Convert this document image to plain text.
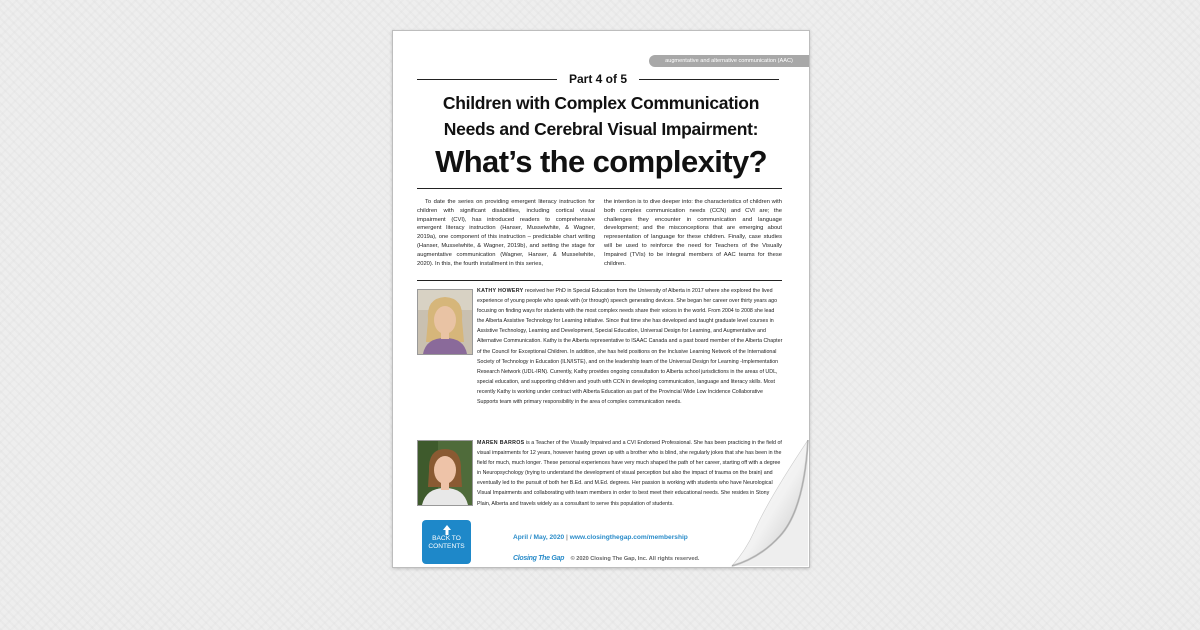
augmentative and alternative communication (AAC)
Part 4 of 5
Children with Complex Communication
Needs and Cerebral Visual Impairment:
What’s the complexity?
To date the series on providing emergent literacy instruction for children with significant disabilities, including cortical visual impairment (CVI), has introduced readers to comprehensive emergent literacy instruction (Hanser, Musselwhite, & Wagner, 2019a), one component of this instruction – predictable chart writing (Hanser, Musselwhite, & Wagner, 2019b), and setting the stage for augmentative communication (Wagner, Hanser, & Musselwhite, 2020). In this, the fourth installment in this series,
the intention is to dive deeper into: the characteristics of children with both complex communication needs (CCN) and CVI are; the challenges they encounter in communication and language development; and the misconceptions that are emerging about representation of language for these children. Finally, case studies will be used to reinforce the need for Teachers of the Visually Impaired (TVIs) to be integral members of AAC teams for these children.
KATHY HOWERY received her PhD in Special Education from the University of Alberta in 2017 where she explored the lived experience of young people who speak with (or through) speech generating devices. She began her career over thirty years ago focusing on finding ways for students with the most complex needs share their voices in the world. From 2004 to 2008 she lead the Alberta Assistive Technology for Learning initiative. Since that time she has developed and taught graduate level courses in Assistive Technology, Learning and Development, Special Education, Universal Design for Learning, and Augmentative and Alternative Communication. Kathy is the Alberta representative to ISAAC Canada and a past board member of the Alberta Chapter of the Council for Exceptional Children. In addition, she has held positions on the Inclusive Learning Network of the International Society of Technology in Education (ILN/ISTE), and on the leadership team of the Universal Design for Learning -Implementation Research Network (UDL-IRN). Currently, Kathy provides ongoing consultation to Alberta school jurisdictions in the areas of UDL, special education, and supporting children and youth with CCN in developing communication, language and literacy skills. Most recently Kathy is working under contract with Alberta Education as part of the Provincial Wide Low Incidence Collaborative Supports team with primary responsibility in the area of complex communication needs.
MAREN BARROS is a Teacher of the Visually Impaired and a CVI Endorsed Professional. She has been practicing in the field of visual impairments for 12 years, however having grown up with a brother who is blind, she regularly jokes that she has been in the field for much, much longer. These personal experiences have very much shaped the path of her career, starting off with a degree in Neuropsychology (trying to understand the development of visual perception but also the impact of trauma on the brain) and eventually led to the pursuit of both her B.Ed. and M.Ed. degrees. Her passion is working with students who have Neurological Visual Impairments and collaborating with team members in order to best meet their educational needs. She resides in Stony Plain, Alberta and travels widely as a consultant to serve this population of students.
April / May, 2020 | www.closingthegap.com/membership
Closing The Gap © 2020 Closing The Gap, Inc. All rights reserved.
BACK TO
CONTENTS
